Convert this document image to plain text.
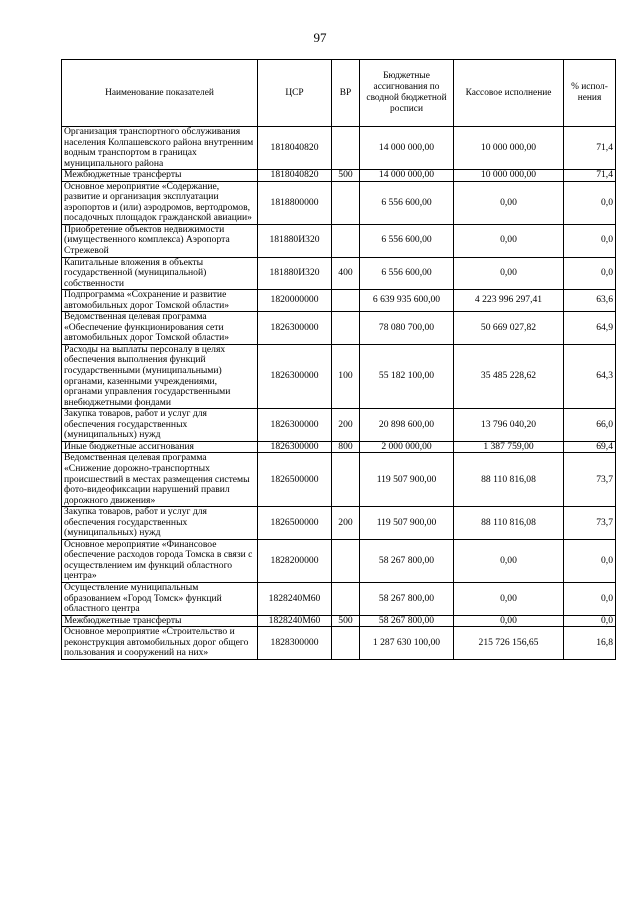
97
Наименование показателей	ЦСР	ВР	Бюджетные ассигнования по сводной бюджетной росписи	Кассовое исполнение	% испол-нения
Организация транспортного обслуживания населения Колпашевского района внутренним водным транспортом в границах муниципального района	1818040820		14 000 000,00	10 000 000,00	71,4
Межбюджетные трансферты	1818040820	500	14 000 000,00	10 000 000,00	71,4
Основное мероприятие «Содержание, развитие и организация эксплуатации аэропортов и (или) аэродромов, вертодромов, посадочных площадок гражданской авиации»	1818800000		6 556 600,00	0,00	0,0
Приобретение объектов недвижимости (имущественного комплекса) Аэропорта Стрежевой	181880И320		6 556 600,00	0,00	0,0
Капитальные вложения в объекты государственной (муниципальной) собственности	181880И320	400	6 556 600,00	0,00	0,0
Подпрограмма «Сохранение и развитие автомобильных дорог Томской области»	1820000000		6 639 935 600,00	4 223 996 297,41	63,6
Ведомственная целевая программа «Обеспечение функционирования сети автомобильных дорог Томской области»	1826300000		78 080 700,00	50 669 027,82	64,9
Расходы на выплаты персоналу в целях обеспечения выполнения функций государственными (муниципальными) органами, казенными учреждениями, органами управления государственными внебюджетными фондами	1826300000	100	55 182 100,00	35 485 228,62	64,3
Закупка товаров, работ и услуг для обеспечения государственных (муниципальных) нужд	1826300000	200	20 898 600,00	13 796 040,20	66,0
Иные бюджетные ассигнования	1826300000	800	2 000 000,00	1 387 759,00	69,4
Ведомственная целевая программа «Снижение дорожно-транспортных происшествий в местах размещения системы фото-видеофиксации нарушений правил дорожного движения»	1826500000		119 507 900,00	88 110 816,08	73,7
Закупка товаров, работ и услуг для обеспечения государственных (муниципальных) нужд	1826500000	200	119 507 900,00	88 110 816,08	73,7
Основное мероприятие «Финансовое обеспечение расходов города Томска в связи с осуществлением им функций областного центра»	1828200000		58 267 800,00	0,00	0,0
Осуществление муниципальным образованием «Город Томск» функций областного центра	1828240М60		58 267 800,00	0,00	0,0
Межбюджетные трансферты	1828240М60	500	58 267 800,00	0,00	0,0
Основное мероприятие «Строительство и реконструкция автомобильных дорог общего пользования и сооружений на них»	1828300000		1 287 630 100,00	215 726 156,65	16,8
